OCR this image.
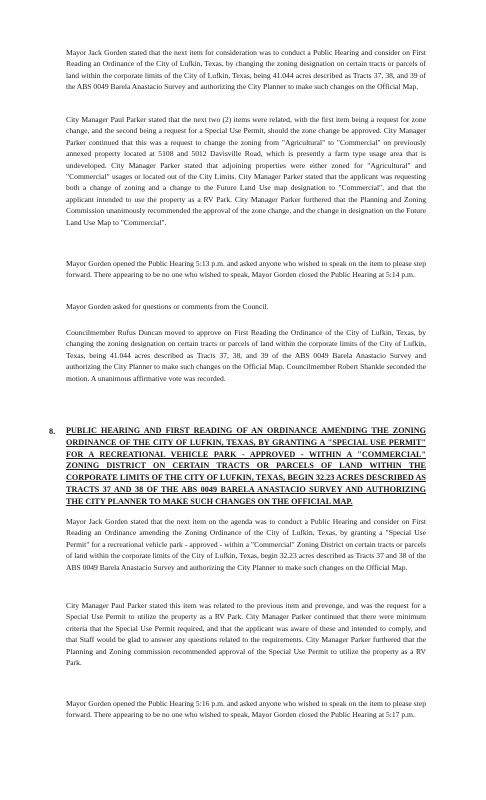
Mayor Jack Gorden stated that the next item for consideration was to conduct a Public Hearing and consider on First Reading an Ordinance of the City of Lufkin, Texas, by changing the zoning designation on certain tracts or parcels of land within the corporate limits of the City of Lufkin, Texas, being 41.044 acres described as Tracts 37, 38, and 39 of the ABS 0049 Barela Anastacio Survey and authorizing the City Planner to make such changes on the Official Map.

City Manager Paul Parker stated that the next two (2) items were related, with the first item being a request for zone change, and the second being a request for a Special Use Permit, should the zone change be approved. City Manager Parker continued that this was a request to change the zoning from "Agricultural" to "Commercial" on previously annexed property located at 5108 and 5012 Davisville Road, which is presently a farm type usage area that is undeveloped. City Manager Parker stated that adjoining properties were either zoned for "Agricultural" and "Commercial" usages or located out of the City Limits. City Manager Parker stated that the applicant was requesting both a change of zoning and a change to the Future Land Use map designation to "Commercial", and that the applicant intended to use the property as a RV Park. City Manager Parker furthered that the Planning and Zoning Commission unanimously recommended the approval of the zone change, and the change in designation on the Future Land Use Map to "Commercial".

Mayor Gorden opened the Public Hearing 5:13 p.m. and asked anyone who wished to speak on the item to please step forward. There appearing to be no one who wished to speak, Mayor Gorden closed the Public Hearing at 5:14 p.m.

Mayor Gorden asked for questions or comments from the Council.

Councilmember Rufus Duncan moved to approve on First Reading the Ordinance of the City of Lufkin, Texas, by changing the zoning designation on certain tracts or parcels of land within the corporate limits of the City of Lufkin, Texas, being 41.044 acres described as Tracts 37, 38, and 39 of the ABS 0049 Barela Anastacio Survey and authorizing the City Planner to make such changes on the Official Map. Councilmember Robert Shankle seconded the motion. A unanimous affirmative vote was recorded.

8. PUBLIC HEARING AND FIRST READING OF AN ORDINANCE AMENDING THE ZONING ORDINANCE OF THE CITY OF LUFKIN, TEXAS, BY GRANTING A "SPECIAL USE PERMIT" FOR A RECREATIONAL VEHICLE PARK - APPROVED - WITHIN A "COMMERCIAL" ZONING DISTRICT ON CERTAIN TRACTS OR PARCELS OF LAND WITHIN THE CORPORATE LIMITS OF THE CITY OF LUFKIN, TEXAS, BEGIN 32.23 ACRES DESCRIBED AS TRACTS 37 AND 38 OF THE ABS 0049 BARELA ANASTACIO SURVEY AND AUTHORIZING THE CITY PLANNER TO MAKE SUCH CHANGES ON THE OFFICIAL MAP.

Mayor Jack Gorden stated that the next item on the agenda was to conduct a Public Hearing and consider on First Reading an Ordinance amending the Zoning Ordinance of the City of Lufkin, Texas, by granting a "Special Use Permit" for a recreational vehicle park - approved - within a "Commercial" Zoning District on certain tracts or parcels of land within the corporate limits of the City of Lufkin, Texas, begin 32.23 acres described as Tracts 37 and 38 of the ABS 0049 Barela Anastacio Survey and authorizing the City Planner to make such changes on the Official Map.

City Manager Paul Parker stated this item was related to the previous item and prevenge, and was the request for a Special Use Permit to utilize the property as a RV Park. City Manager Parker continued that there were minimum criteria that the Special Use Permit required, and that the applicant was aware of these and intended to comply, and that Staff would be glad to answer any questions related to the requirements. City Manager Parker furthered that the Planning and Zoning commission recommended approval of the Special Use Permit to utilize the property as a RV Park.

Mayor Gorden opened the Public Hearing 5:16 p.m. and asked anyone who wished to speak on the item to please step forward. There appearing to be no one who wished to speak, Mayor Gorden closed the Public Hearing at 5:17 p.m.
